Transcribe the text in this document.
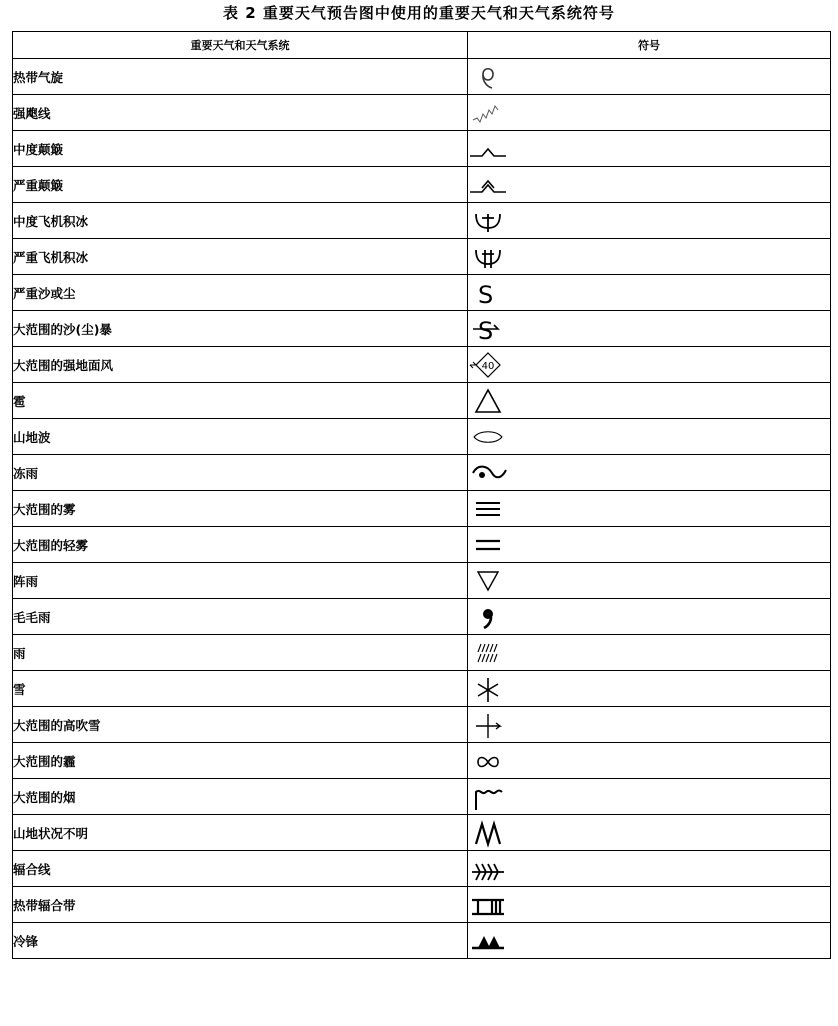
表 2 重要天气预告图中使用的重要天气和天气系统符号
重要天气和天气系统	符号
热带气旋	

强飑线	

中度颠簸	

严重颠簸	

中度飞机积冰	

严重飞机积冰	

严重沙或尘	S

大范围的沙(尘)暴	S

大范围的强地面风	40

雹	

山地波	

冻雨	

大范围的雾	

大范围的轻雾	

阵雨	

毛毛雨	

雨	

雪	

大范围的高吹雪	

大范围的霾	

大范围的烟	

山地状况不明	

辐合线	

热带辐合带	

冷锋	
